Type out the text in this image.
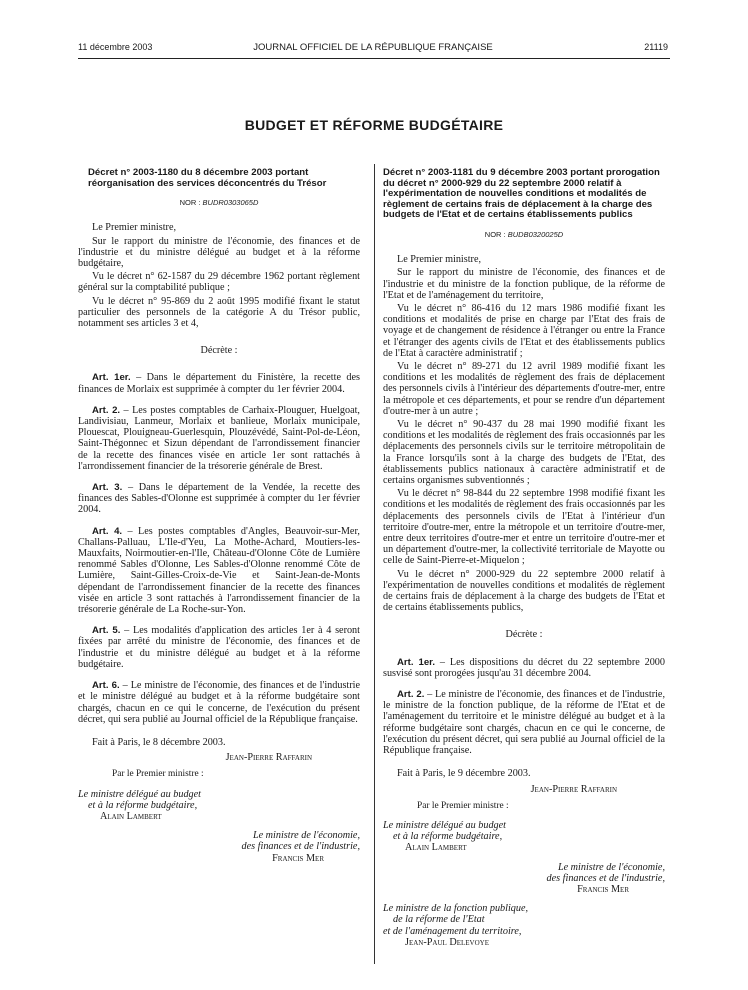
11 décembre 2003	JOURNAL OFFICIEL DE LA RÉPUBLIQUE FRANÇAISE	21119
BUDGET ET RÉFORME BUDGÉTAIRE
Décret n° 2003-1180 du 8 décembre 2003 portant réorganisation des services déconcentrés du Trésor
NOR : BUDR0303065D

Le Premier ministre,

Sur le rapport du ministre de l'économie, des finances et de l'industrie et du ministre délégué au budget et à la réforme budgétaire,

Vu le décret n° 62-1587 du 29 décembre 1962 portant règlement général sur la comptabilité publique ;

Vu le décret n° 95-869 du 2 août 1995 modifié fixant le statut particulier des personnels de la catégorie A du Trésor public, notamment ses articles 3 et 4,

Décrète :

Art. 1er. – Dans le département du Finistère, la recette des finances de Morlaix est supprimée à compter du 1er février 2004.

Art. 2. – Les postes comptables de Carhaix-Plouguer, Huelgoat, Landivisiau, Lanmeur, Morlaix et banlieue, Morlaix municipale, Plouescat, Plouigneau-Guerlesquin, Plouzévédé, Saint-Pol-de-Léon, Saint-Thégonnec et Sizun dépendant de l'arrondissement financier de la recette des finances visée en article 1er sont rattachés à l'arrondissement financier de la trésorerie générale de Brest.

Art. 3. – Dans le département de la Vendée, la recette des finances des Sables-d'Olonne est supprimée à compter du 1er février 2004.

Art. 4. – Les postes comptables d'Angles, Beauvoir-sur-Mer, Challans-Palluau, L'Ile-d'Yeu, La Mothe-Achard, Moutiers-les-Mauxfaits, Noirmoutier-en-l'Ile, Château-d'Olonne Côte de Lumière renommé Sables d'Olonne, Les Sables-d'Olonne renommé Côte de Lumière, Saint-Gilles-Croix-de-Vie et Saint-Jean-de-Monts dépendant de l'arrondissement financier de la recette des finances visée en article 3 sont rattachés à l'arrondissement financier de la trésorerie générale de La Roche-sur-Yon.

Art. 5. – Les modalités d'application des articles 1er à 4 seront fixées par arrêté du ministre de l'économie, des finances et de l'industrie et du ministre délégué au budget et à la réforme budgétaire.

Art. 6. – Le ministre de l'économie, des finances et de l'industrie et le ministre délégué au budget et à la réforme budgétaire sont chargés, chacun en ce qui le concerne, de l'exécution du présent décret, qui sera publié au Journal officiel de la République française.

Fait à Paris, le 8 décembre 2003.

Jean-Pierre Raffarin

Par le Premier ministre :

Le ministre délégué au budget
et à la réforme budgétaire,
Alain Lambert
Le ministre de l'économie,
des finances et de l'industrie,
Francis Mer
Décret n° 2003-1181 du 9 décembre 2003 portant prorogation du décret n° 2000-929 du 22 septembre 2000 relatif à l'expérimentation de nouvelles conditions et modalités de règlement de certains frais de déplacement à la charge des budgets de l'Etat et de certains établissements publics
NOR : BUDB0320025D

Le Premier ministre,

Sur le rapport du ministre de l'économie, des finances et de l'industrie et du ministre de la fonction publique, de la réforme de l'Etat et de l'aménagement du territoire,

Vu le décret n° 86-416 du 12 mars 1986 modifié fixant les conditions et modalités de prise en charge par l'Etat des frais de voyage et de changement de résidence à l'étranger ou entre la France et l'étranger des agents civils de l'Etat et des établissements publics de l'Etat à caractère administratif ;

Vu le décret n° 89-271 du 12 avril 1989 modifié fixant les conditions et les modalités de règlement des frais de déplacement des personnels civils à l'intérieur des départements d'outre-mer, entre la métropole et ces départements, et pour se rendre d'un département d'outre-mer à un autre ;

Vu le décret n° 90-437 du 28 mai 1990 modifié fixant les conditions et les modalités de règlement des frais occasionnés par les déplacements des personnels civils sur le territoire métropolitain de la France lorsqu'ils sont à la charge des budgets de l'Etat, des établissements publics nationaux à caractère administratif et de certains organismes subventionnés ;

Vu le décret n° 98-844 du 22 septembre 1998 modifié fixant les conditions et les modalités de règlement des frais occasionnés par les déplacements des personnels civils de l'Etat à l'intérieur d'un territoire d'outre-mer, entre la métropole et un territoire d'outre-mer, entre deux territoires d'outre-mer et entre un territoire d'outre-mer et un département d'outre-mer, la collectivité territoriale de Mayotte ou celle de Saint-Pierre-et-Miquelon ;

Vu le décret n° 2000-929 du 22 septembre 2000 relatif à l'expérimentation de nouvelles conditions et modalités de règlement de certains frais de déplacement à la charge des budgets de l'Etat et de certains établissements publics,

Décrète :

Art. 1er. – Les dispositions du décret du 22 septembre 2000 susvisé sont prorogées jusqu'au 31 décembre 2004.

Art. 2. – Le ministre de l'économie, des finances et de l'industrie, le ministre de la fonction publique, de la réforme de l'Etat et de l'aménagement du territoire et le ministre délégué au budget et à la réforme budgétaire sont chargés, chacun en ce qui le concerne, de l'exécution du présent décret, qui sera publié au Journal officiel de la République française.

Fait à Paris, le 9 décembre 2003.

Jean-Pierre Raffarin

Par le Premier ministre :

Le ministre délégué au budget
et à la réforme budgétaire,
Alain Lambert
Le ministre de l'économie,
des finances et de l'industrie,
Francis Mer
Le ministre de la fonction publique,
de la réforme de l'Etat
et de l'aménagement du territoire,
Jean-Paul Delevoye
